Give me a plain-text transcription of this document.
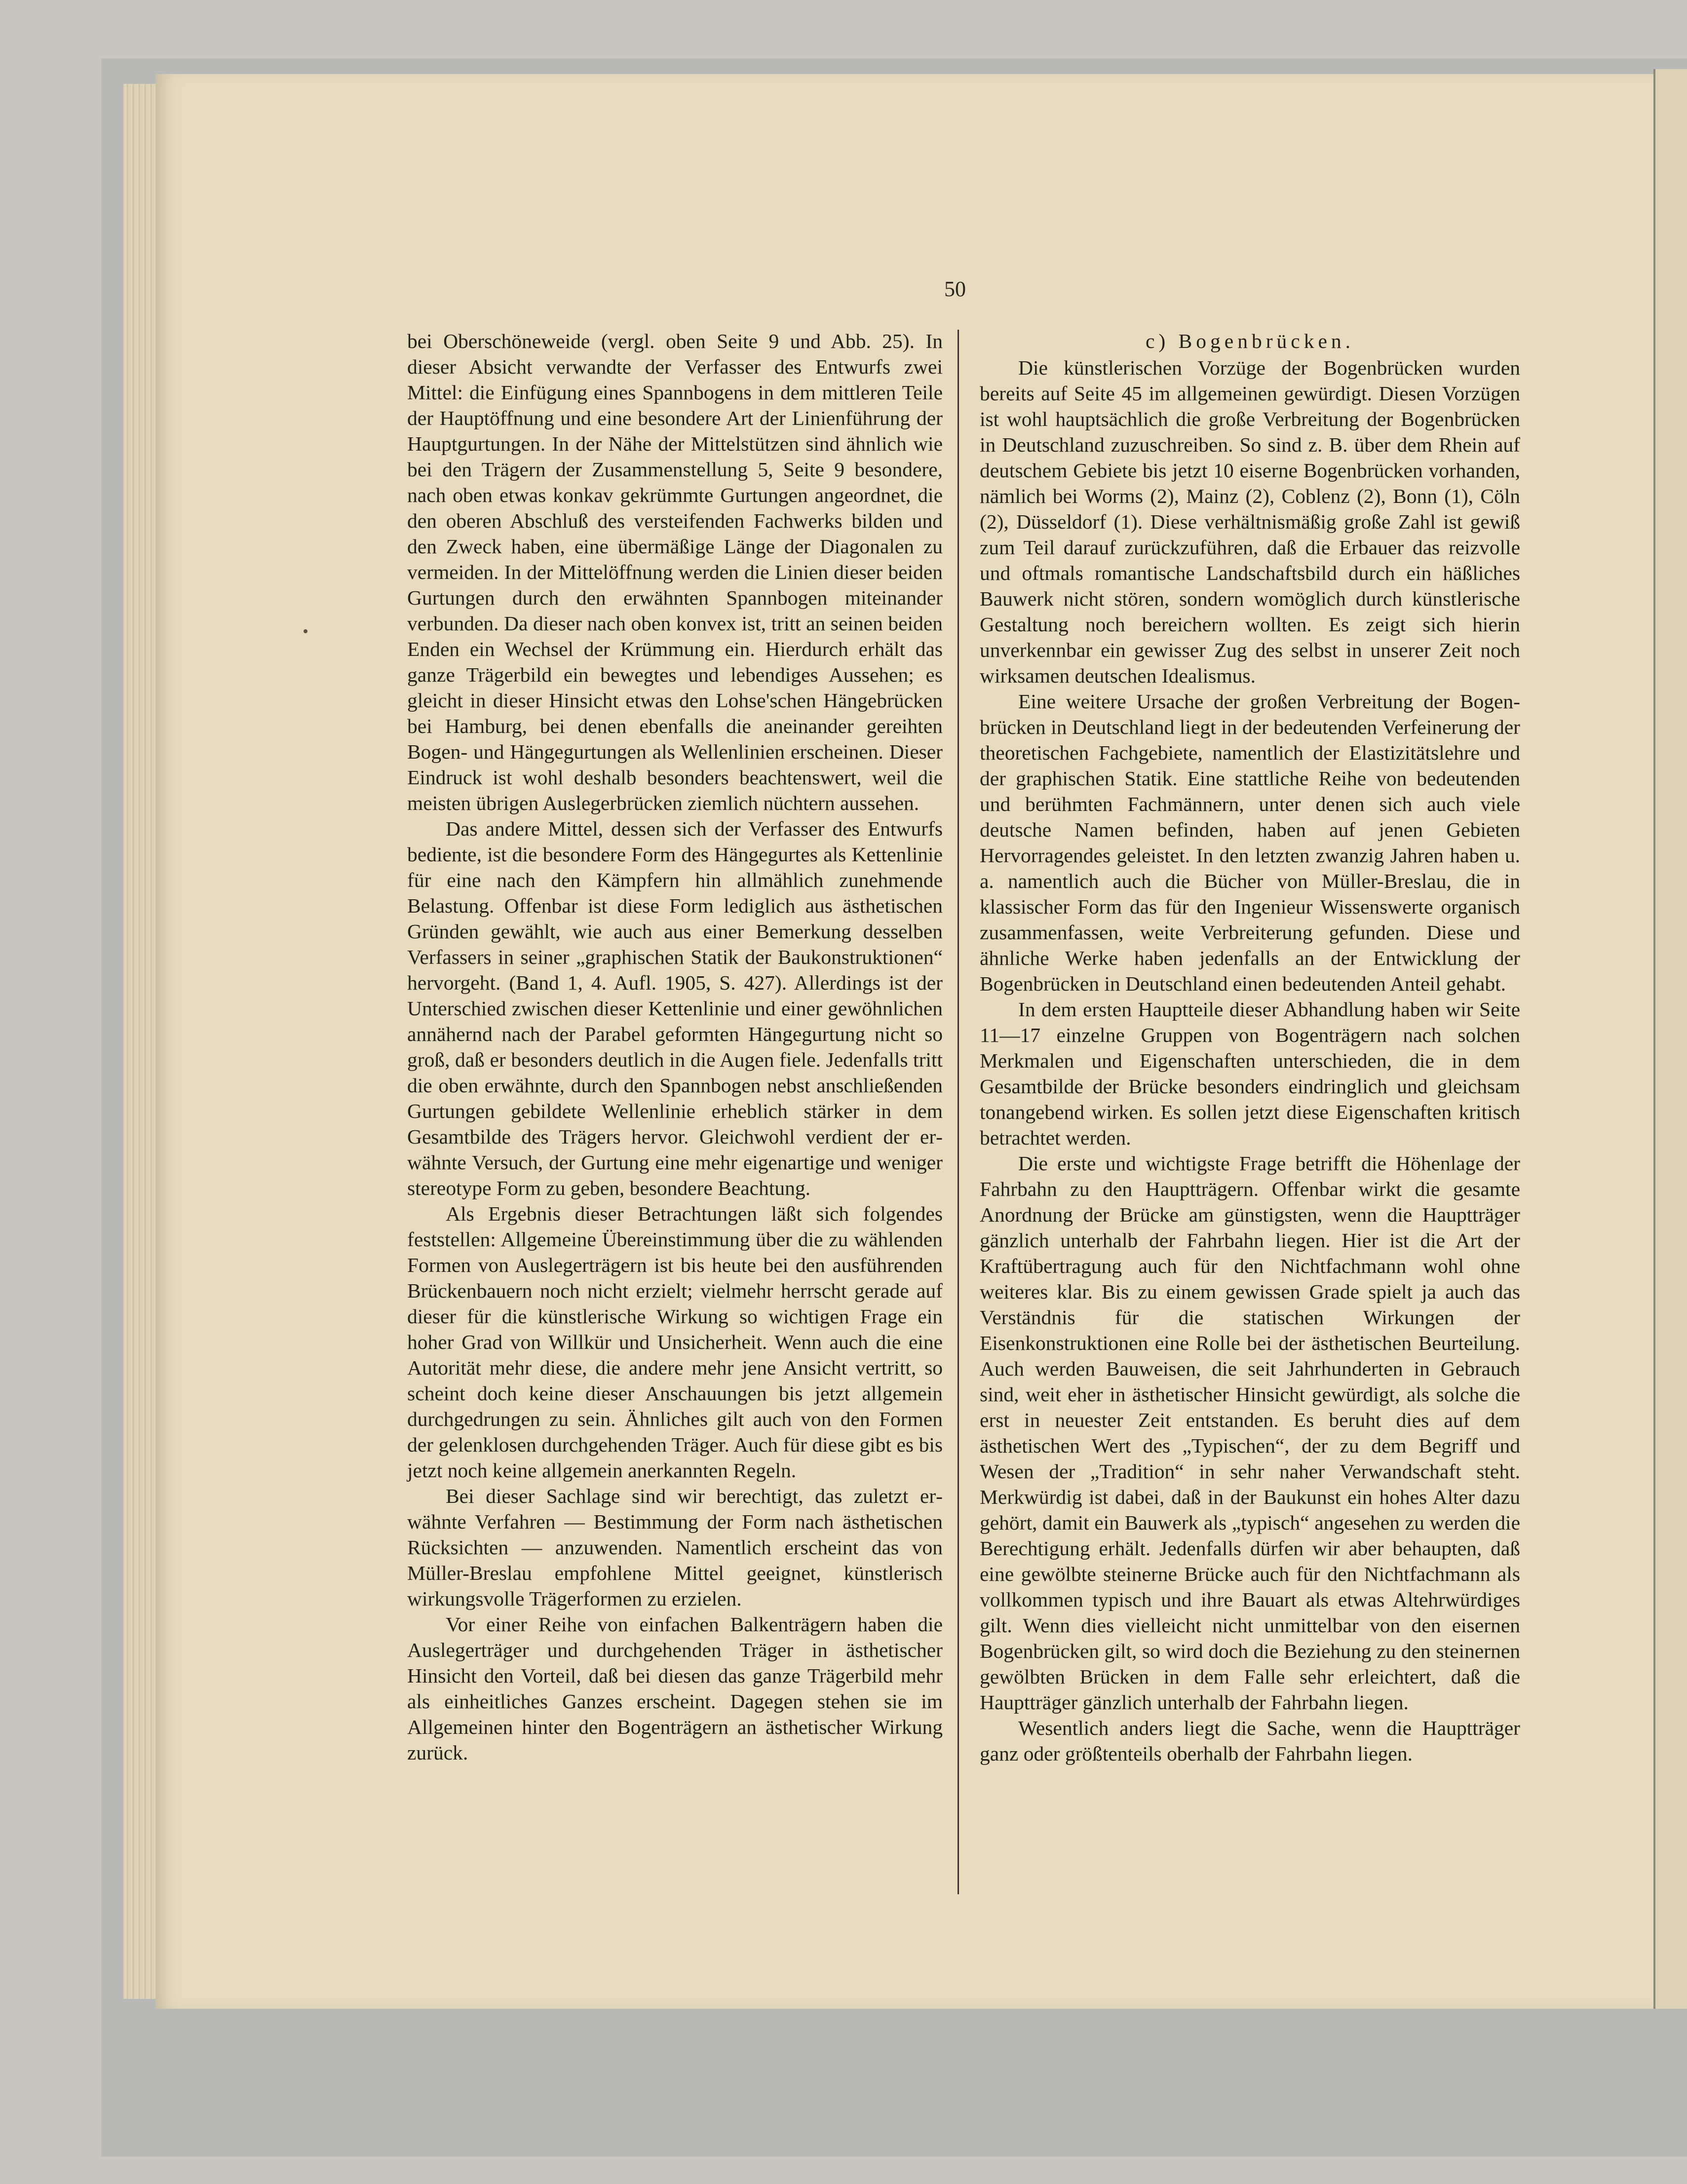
50

bei Oberschöneweide (vergl. oben Seite 9 und Abb. 25). In dieser Absicht verwandte der Verfasser des Entwurfs zwei Mittel: die Einfügung eines Spannbogens in dem mittleren Teile der Hauptöffnung und eine besondere Art der Linienführung der Hauptgurtungen. In der Nähe der Mittelstützen sind ähnlich wie bei den Trägern der Zusammenstellung 5, Seite 9 besondere, nach oben etwas konkav gekrümmte Gurtungen angeordnet, die den oberen Abschluß des versteifenden Fachwerks bilden und den Zweck haben, eine übermäßige Länge der Diagonalen zu vermeiden. In der Mittelöffnung werden die Linien dieser beiden Gurtungen durch den erwähnten Spannbogen miteinander verbunden. Da dieser nach oben konvex ist, tritt an seinen beiden Enden ein Wechsel der Krümmung ein. Hierdurch erhält das ganze Trägerbild ein bewegtes und lebendiges Aussehen; es gleicht in dieser Hinsicht etwas den Lohse'schen Hängebrücken bei Hamburg, bei denen ebenfalls die aneinander gereihten Bogen- und Hängegurtungen als Wellenlinien erscheinen. Dieser Eindruck ist wohl deshalb besonders beachtenswert, weil die meisten übrigen Auslegerbrücken ziemlich nüchtern aussehen.

Das andere Mittel, dessen sich der Verfasser des Entwurfs bediente, ist die besondere Form des Hängegurtes als Kettenlinie für eine nach den Kämpfern hin allmählich zunehmende Belastung. Offenbar ist diese Form lediglich aus ästhetischen Gründen gewählt, wie auch aus einer Bemerkung desselben Verfassers in seiner „graphischen Statik der Baukonstruktionen“ hervorgeht. (Band 1, 4. Aufl. 1905, S. 427). Allerdings ist der Unterschied zwischen dieser Kettenlinie und einer gewöhnlichen annähernd nach der Parabel geformten Hängegurtung nicht so groß, daß er besonders deutlich in die Augen fiele. Jedenfalls tritt die oben erwähnte, durch den Spannbogen nebst anschließenden Gurtungen gebildete Wellenlinie erheblich stärker in dem Gesamtbilde des Trägers hervor. Gleichwohl verdient der erwähnte Versuch, der Gurtung eine mehr eigenartige und weniger stereotype Form zu geben, besondere Beachtung.

Als Ergebnis dieser Betrachtungen läßt sich folgendes feststellen: Allgemeine Übereinstimmung über die zu wählenden Formen von Auslegerträgern ist bis heute bei den ausführenden Brückenbauern noch nicht erzielt; vielmehr herrscht gerade auf dieser für die künstlerische Wirkung so wichtigen Frage ein hoher Grad von Willkür und Unsicherheit. Wenn auch die eine Autorität mehr diese, die andere mehr jene Ansicht vertritt, so scheint doch keine dieser Anschauungen bis jetzt allgemein durchgedrungen zu sein. Ähnliches gilt auch von den Formen der gelenklosen durchgehenden Träger. Auch für diese gibt es bis jetzt noch keine allgemein anerkannten Regeln.

Bei dieser Sachlage sind wir berechtigt, das zuletzt erwähnte Verfahren — Bestimmung der Form nach ästhetischen Rücksichten — anzuwenden. Namentlich erscheint das von Müller-Breslau empfohlene Mittel geeignet, künstlerisch wirkungsvolle Trägerformen zu erzielen.

Vor einer Reihe von einfachen Balkenträgern haben die Auslegerträger und durchgehenden Träger in ästhetischer Hinsicht den Vorteil, daß bei diesen das ganze Trägerbild mehr als einheitliches Ganzes erscheint. Dagegen stehen sie im Allgemeinen hinter den Bogenträgern an ästhetischer Wirkung zurück.

c) Bogenbrücken.

Die künstlerischen Vorzüge der Bogenbrücken wurden bereits auf Seite 45 im allgemeinen gewürdigt. Diesen Vorzügen ist wohl hauptsächlich die große Verbreitung der Bogenbrücken in Deutschland zuzuschreiben. So sind z. B. über dem Rhein auf deutschem Gebiete bis jetzt 10 eiserne Bogenbrücken vorhanden, nämlich bei Worms (2), Mainz (2), Coblenz (2), Bonn (1), Cöln (2), Düsseldorf (1). Diese verhältnismäßig große Zahl ist gewiß zum Teil darauf zurückzuführen, daß die Erbauer das reizvolle und oftmals romantische Landschaftsbild durch ein häßliches Bauwerk nicht stören, sondern womöglich durch künstlerische Gestaltung noch bereichern wollten. Es zeigt sich hierin unverkennbar ein gewisser Zug des selbst in unserer Zeit noch wirksamen deutschen Idealismus.

Eine weitere Ursache der großen Verbreitung der Bogenbrücken in Deutschland liegt in der bedeutenden Verfeinerung der theoretischen Fachgebiete, namentlich der Elastizitätslehre und der graphischen Statik. Eine stattliche Reihe von bedeutenden und berühmten Fachmännern, unter denen sich auch viele deutsche Namen befinden, haben auf jenen Gebieten Hervorragendes geleistet. In den letzten zwanzig Jahren haben u. a. namentlich auch die Bücher von Müller-Breslau, die in klassischer Form das für den Ingenieur Wissenswerte organisch zusammenfassen, weite Verbreiterung gefunden. Diese und ähnliche Werke haben jedenfalls an der Entwicklung der Bogenbrücken in Deutschland einen bedeutenden Anteil gehabt.

In dem ersten Hauptteile dieser Abhandlung haben wir Seite 11—17 einzelne Gruppen von Bogenträgern nach solchen Merkmalen und Eigenschaften unterschieden, die in dem Gesamtbilde der Brücke besonders eindringlich und gleichsam tonangebend wirken. Es sollen jetzt diese Eigenschaften kritisch betrachtet werden.

Die erste und wichtigste Frage betrifft die Höhenlage der Fahrbahn zu den Hauptträgern. Offenbar wirkt die gesamte Anordnung der Brücke am günstigsten, wenn die Hauptträger gänzlich unterhalb der Fahrbahn liegen. Hier ist die Art der Kraftübertragung auch für den Nichtfachmann wohl ohne weiteres klar. Bis zu einem gewissen Grade spielt ja auch das Verständnis für die statischen Wirkungen der Eisenkonstruktionen eine Rolle bei der ästhetischen Beurteilung. Auch werden Bauweisen, die seit Jahrhunderten in Gebrauch sind, weit eher in ästhetischer Hinsicht gewürdigt, als solche die erst in neuester Zeit entstanden. Es beruht dies auf dem ästhetischen Wert des „Typischen“, der zu dem Begriff und Wesen der „Tradition“ in sehr naher Verwandschaft steht. Merkwürdig ist dabei, daß in der Baukunst ein hohes Alter dazu gehört, damit ein Bauwerk als „typisch“ angesehen zu werden die Berechtigung erhält. Jedenfalls dürfen wir aber behaupten, daß eine gewölbte steinerne Brücke auch für den Nichtfachmann als vollkommen typisch und ihre Bauart als etwas Altehrwürdiges gilt. Wenn dies vielleicht nicht unmittelbar von den eisernen Bogenbrücken gilt, so wird doch die Beziehung zu den steinernen gewölbten Brücken in dem Falle sehr erleichtert, daß die Hauptträger gänzlich unterhalb der Fahrbahn liegen.

Wesentlich anders liegt die Sache, wenn die Hauptträger ganz oder größtenteils oberhalb der Fahrbahn liegen.
